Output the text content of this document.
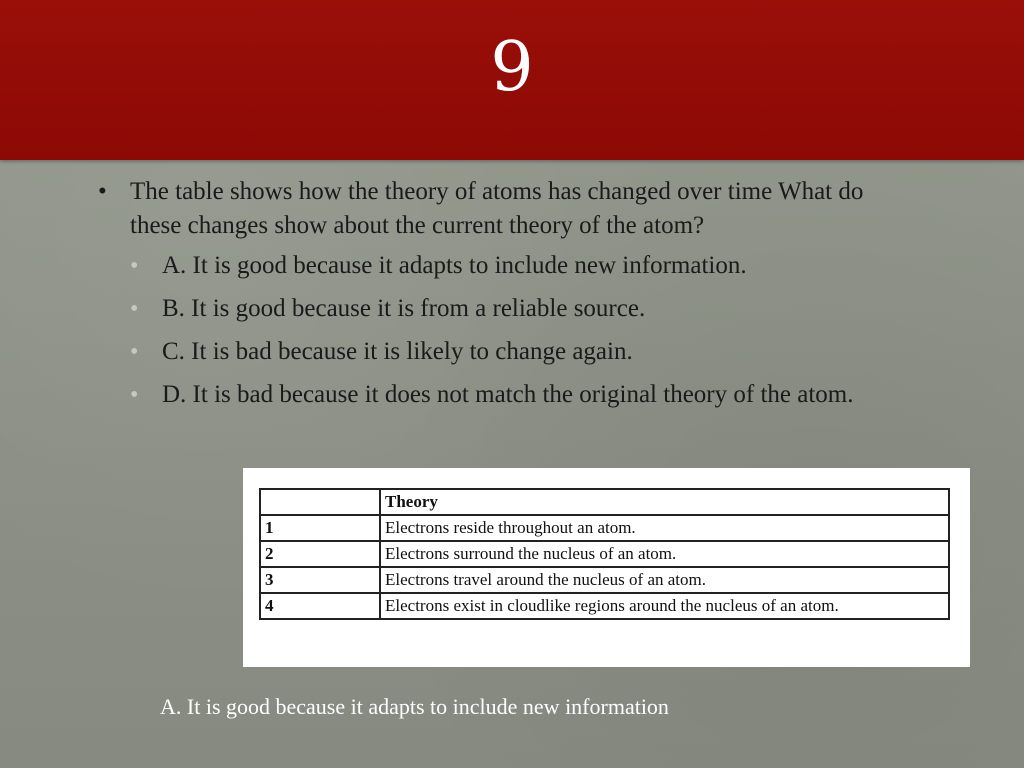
9
• The table shows how the theory of atoms has changed over time What do these changes show about the current theory of the atom?
• A. It is good because it adapts to include new information.
• B. It is good because it is from a reliable source.
• C. It is bad because it is likely to change again.
• D. It is bad because it does not match the original theory of the atom.
	Theory
1	Electrons reside throughout an atom.
2	Electrons surround the nucleus of an atom.
3	Electrons travel around the nucleus of an atom.
4	Electrons exist in cloudlike regions around the nucleus of an atom.
A. It is good because it adapts to include new information
